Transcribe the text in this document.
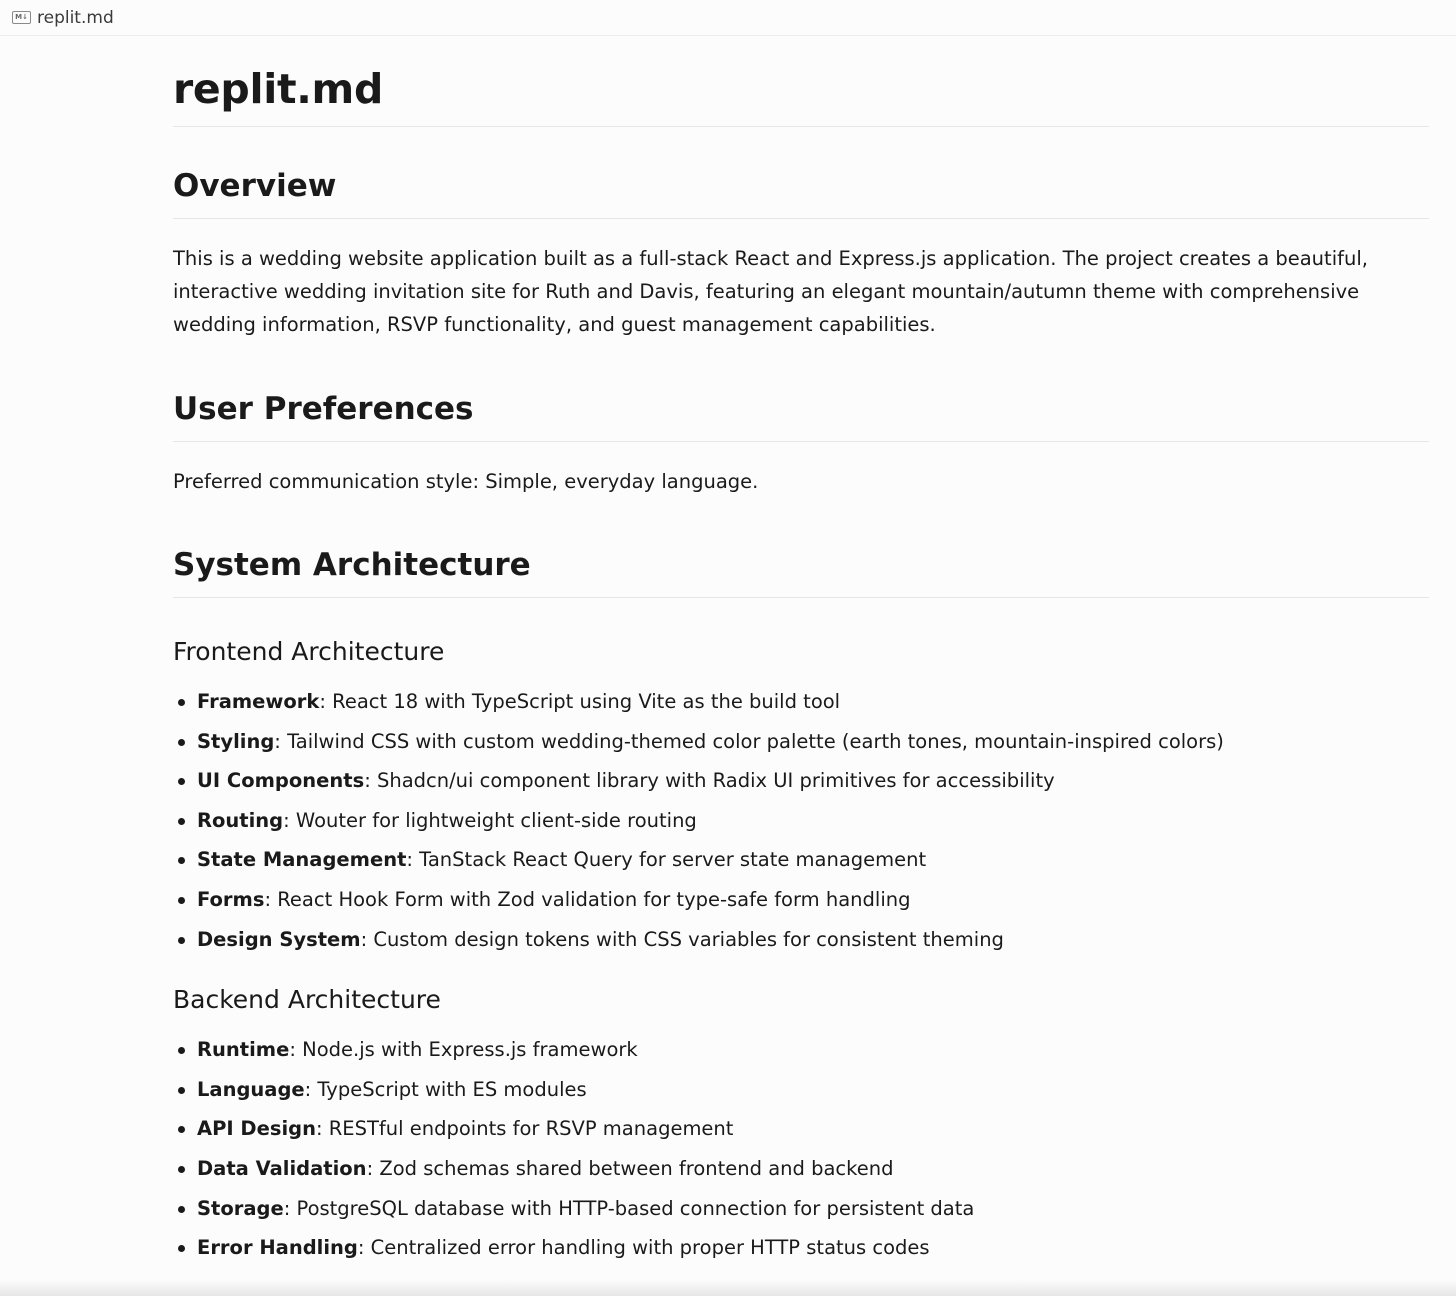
M↓ replit.md
replit.md
Overview

This is a wedding website application built as a full-stack React and Express.js application. The project creates a beautiful, interactive wedding invitation site for Ruth and Davis, featuring an elegant mountain/autumn theme with comprehensive wedding information, RSVP functionality, and guest management capabilities.

User Preferences

Preferred communication style: Simple, everyday language.

System Architecture
Frontend Architecture
Framework: React 18 with TypeScript using Vite as the build tool
Styling: Tailwind CSS with custom wedding-themed color palette (earth tones, mountain-inspired colors)
UI Components: Shadcn/ui component library with Radix UI primitives for accessibility
Routing: Wouter for lightweight client-side routing
State Management: TanStack React Query for server state management
Forms: React Hook Form with Zod validation for type-safe form handling
Design System: Custom design tokens with CSS variables for consistent theming
Backend Architecture
Runtime: Node.js with Express.js framework
Language: TypeScript with ES modules
API Design: RESTful endpoints for RSVP management
Data Validation: Zod schemas shared between frontend and backend
Storage: PostgreSQL database with HTTP-based connection for persistent data
Error Handling: Centralized error handling with proper HTTP status codes
